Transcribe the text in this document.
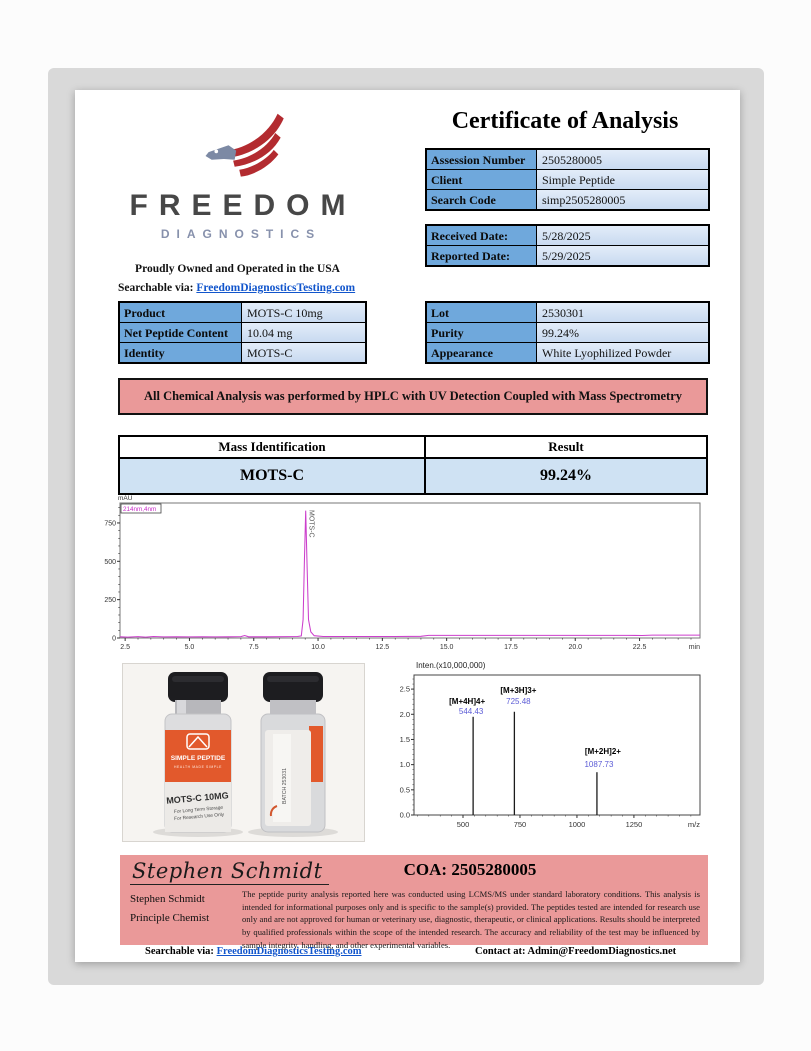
FREEDOM
DIAGNOSTICS
Proudly Owned and Operated in the USA
Searchable via: FreedomDiagnosticsTesting.com
Certificate of Analysis
Assession Number	2505280005
Client	Simple Peptide
Search Code	simp2505280005
Received Date:	5/28/2025
Reported Date:	5/29/2025
Product	MOTS-C 10mg
Net Peptide Content	10.04 mg
Identity	MOTS-C
Lot	2530301
Purity	99.24%
Appearance	White Lyophilized Powder
All Chemical Analysis was performed by HPLC with UV Detection Coupled with Mass Spectrometry
Mass Identification	Result
MOTS-C	99.24%
mAU
0
250
500
750
2.5	5.0	7.5	10.0	12.5	15.0	17.5	20.0	22.5	min
214nm,4nm
MOTS-C
SIMPLE PEPTIDE
HEALTH MADE SIMPLE
MOTS-C 10MG
For Long Term Storage
For Research Use Only
BATCH 253031
Inten.(x10,000,000)
0.0
0.5
1.0
1.5
2.0
2.5
500	750	1000	1250	m/z
[M+4H]4+
544.43
[M+3H]3+
725.48
[M+2H]2+
1087.73
Stephen Schmidt	COA: 2505280005
Stephen Schmidt
Principle Chemist
The peptide purity analysis reported here was conducted using LCMS/MS under standard laboratory conditions. This analysis is intended for informational purposes only and is specific to the sample(s) provided. The peptides tested are intended for research use only and are not approved for human or veterinary use, diagnostic, therapeutic, or clinical applications. Results should be interpreted by qualified professionals within the scope of the intended research. The accuracy and reliability of the test may be influenced by sample integrity, handling, and other experimental variables.
Searchable via: FreedomDiagnosticsTesting.com	Contact at: Admin@FreedomDiagnostics.net
